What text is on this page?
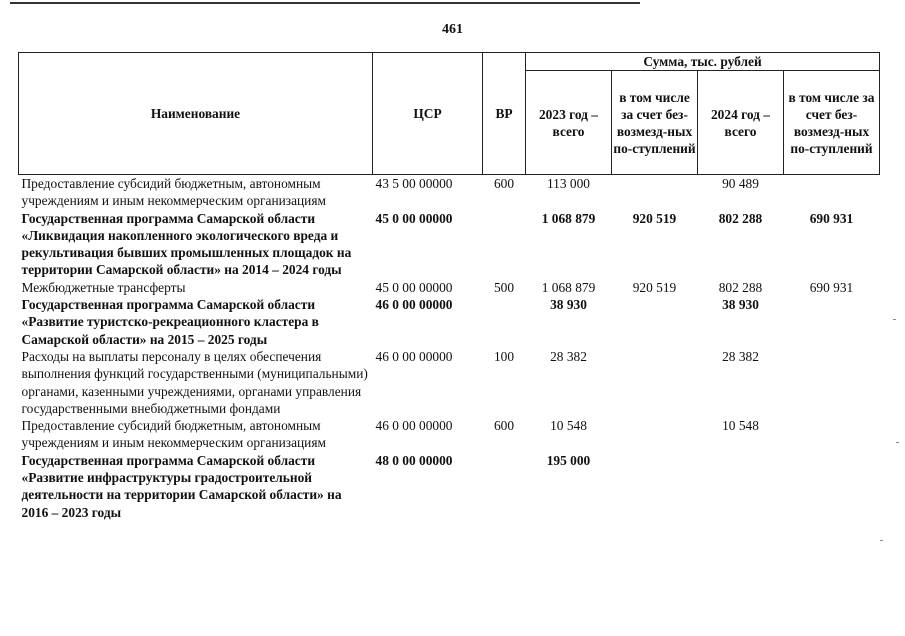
461
Наименование	ЦСР	ВР	Сумма, тыс. рублей			
			2023 год – всего	в том числе за счет без-возмезд-ных по-ступлений	2024 год – всего	в том числе за счет без-возмезд-ных по-ступлений
Предоставление субсидий бюджетным, автономным учреждениям и иным некоммерческим организациям	43 5 00 00000	600	113 000		90 489	
Государственная программа Самарской области «Ликвидация накопленного экологического вреда и рекультивация бывших промышленных площадок на территории Самарской области» на 2014 – 2024 годы	45 0 00 00000		1 068 879	920 519	802 288	690 931
Межбюджетные трансферты	45 0 00 00000	500	1 068 879	920 519	802 288	690 931
Государственная программа Самарской области «Развитие туристско-рекреационного кластера в Самарской области» на 2015 – 2025 годы	46 0 00 00000		38 930		38 930	
Расходы на выплаты персоналу в целях обеспечения выполнения функций государственными (муниципальными) органами, казенными учреждениями, органами управления государственными внебюджетными фондами	46 0 00 00000	100	28 382		28 382	
Предоставление субсидий бюджетным, автономным учреждениям и иным некоммерческим организациям	46 0 00 00000	600	10 548		10 548	
Государственная программа Самарской области «Развитие инфраструктуры градостроительной деятельности на территории Самарской области» на 2016 – 2023 годы	48 0 00 00000		195 000			
